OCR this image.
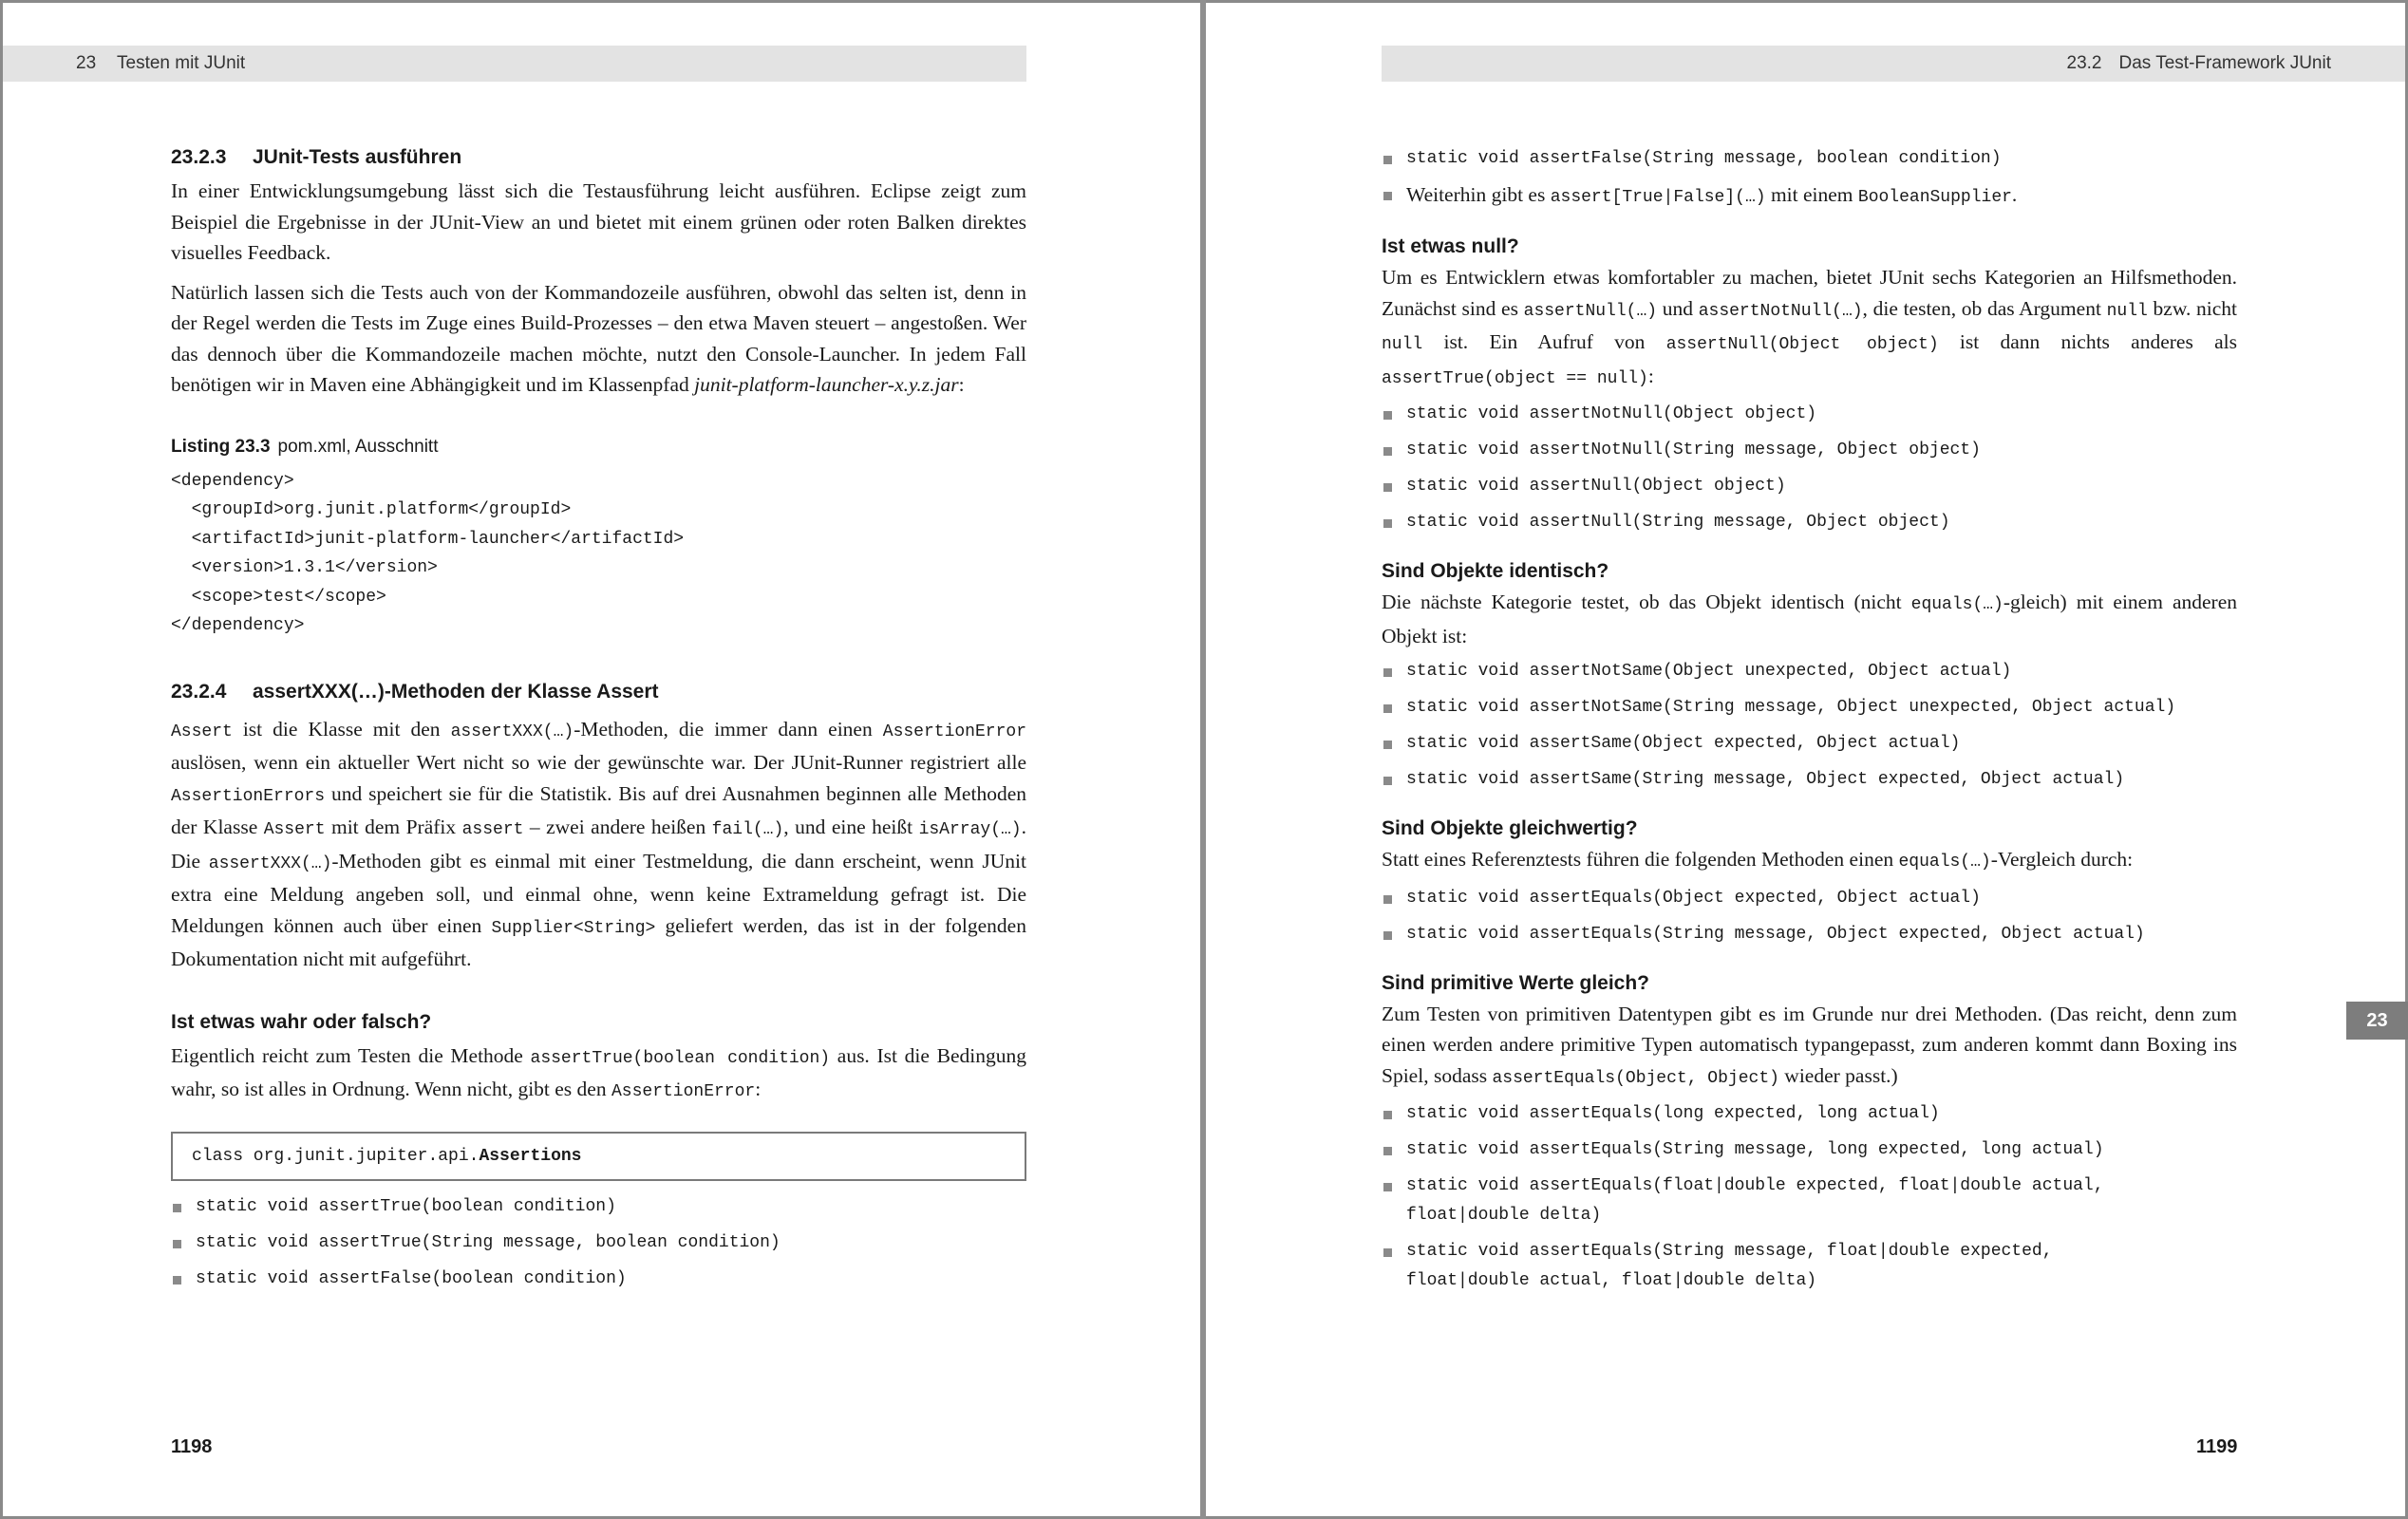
23	Testen mit JUnit	23.2 Das Test-Framework JUnit
23.2.3 JUnit-Tests ausführen

In einer Entwicklungsumgebung lässt sich die Testausführung leicht ausführen. Eclipse zeigt zum Beispiel die Ergebnisse in der JUnit-View an und bietet mit einem grünen oder roten Balken direktes visuelles Feedback.

Natürlich lassen sich die Tests auch von der Kommandozeile ausführen, obwohl das selten ist, denn in der Regel werden die Tests im Zuge eines Build-Prozesses – den etwa Maven steuert – angestoßen. Wer das dennoch über die Kommandozeile machen möchte, nutzt den Console-Launcher. In jedem Fall benötigen wir in Maven eine Abhängigkeit und im Klassenpfad junit-platform-launcher-x.y.z.jar:

Listing 23.3 pom.xml, Ausschnitt
<dependency>
<groupId>org.junit.platform</groupId>
<artifactId>junit-platform-launcher</artifactId>
<version>1.3.1</version>
<scope>test</scope>
</dependency>
23.2.4 assertXXX(…)-Methoden der Klasse Assert

Assert ist die Klasse mit den assertXXX(…)-Methoden, die immer dann einen AssertionError auslösen, wenn ein aktueller Wert nicht so wie der gewünschte war. Der JUnit-Runner registriert alle AssertionErrors und speichert sie für die Statistik. Bis auf drei Ausnahmen beginnen alle Methoden der Klasse Assert mit dem Präfix assert – zwei andere heißen fail(…), und eine heißt isArray(…). Die assertXXX(…)-Methoden gibt es einmal mit einer Testmeldung, die dann erscheint, wenn JUnit extra eine Meldung angeben soll, und einmal ohne, wenn keine Extrameldung gefragt ist. Die Meldungen können auch über einen Supplier<String> geliefert werden, das ist in der folgenden Dokumentation nicht mit aufgeführt.

Ist etwas wahr oder falsch?

Eigentlich reicht zum Testen die Methode assertTrue(boolean condition) aus. Ist die Bedingung wahr, so ist alles in Ordnung. Wenn nicht, gibt es den AssertionError:

class org.junit.jupiter.api. Assertions
static void assertTrue(boolean condition)
static void assertTrue(String message, boolean condition)
static void assertFalse(boolean condition)
1198
static void assertFalse(String message, boolean condition)
Weiterhin gibt es assert[True|False](…) mit einem BooleanSupplier.
Ist etwas null?

Um es Entwicklern etwas komfortabler zu machen, bietet JUnit sechs Kategorien an Hilfsmethoden. Zunächst sind es assertNull(…) und assertNotNull(…), die testen, ob das Argument null bzw. nicht null ist. Ein Aufruf von assertNull(Object object) ist dann nichts anderes als assertTrue(object == null):

static void assertNotNull(Object object)
static void assertNotNull(String message, Object object)
static void assertNull(Object object)
static void assertNull(String message, Object object)
Sind Objekte identisch?

Die nächste Kategorie testet, ob das Objekt identisch (nicht equals(…)-gleich) mit einem anderen Objekt ist:

static void assertNotSame(Object unexpected, Object actual)
static void assertNotSame(String message, Object unexpected, Object actual)
static void assertSame(Object expected, Object actual)
static void assertSame(String message, Object expected, Object actual)
Sind Objekte gleichwertig?

Statt eines Referenztests führen die folgenden Methoden einen equals(…)-Vergleich durch:

static void assertEquals(Object expected, Object actual)
static void assertEquals(String message, Object expected, Object actual)
Sind primitive Werte gleich?

Zum Testen von primitiven Datentypen gibt es im Grunde nur drei Methoden. (Das reicht, denn zum einen werden andere primitive Typen automatisch typangepasst, zum anderen kommt dann Boxing ins Spiel, sodass assertEquals(Object, Object) wieder passt.)

static void assertEquals(long expected, long actual)
static void assertEquals(String message, long expected, long actual)
static void assertEquals(float|double expected, float|double actual,
float|double delta)
static void assertEquals(String message, float|double expected,
float|double actual, float|double delta)
1199
23
